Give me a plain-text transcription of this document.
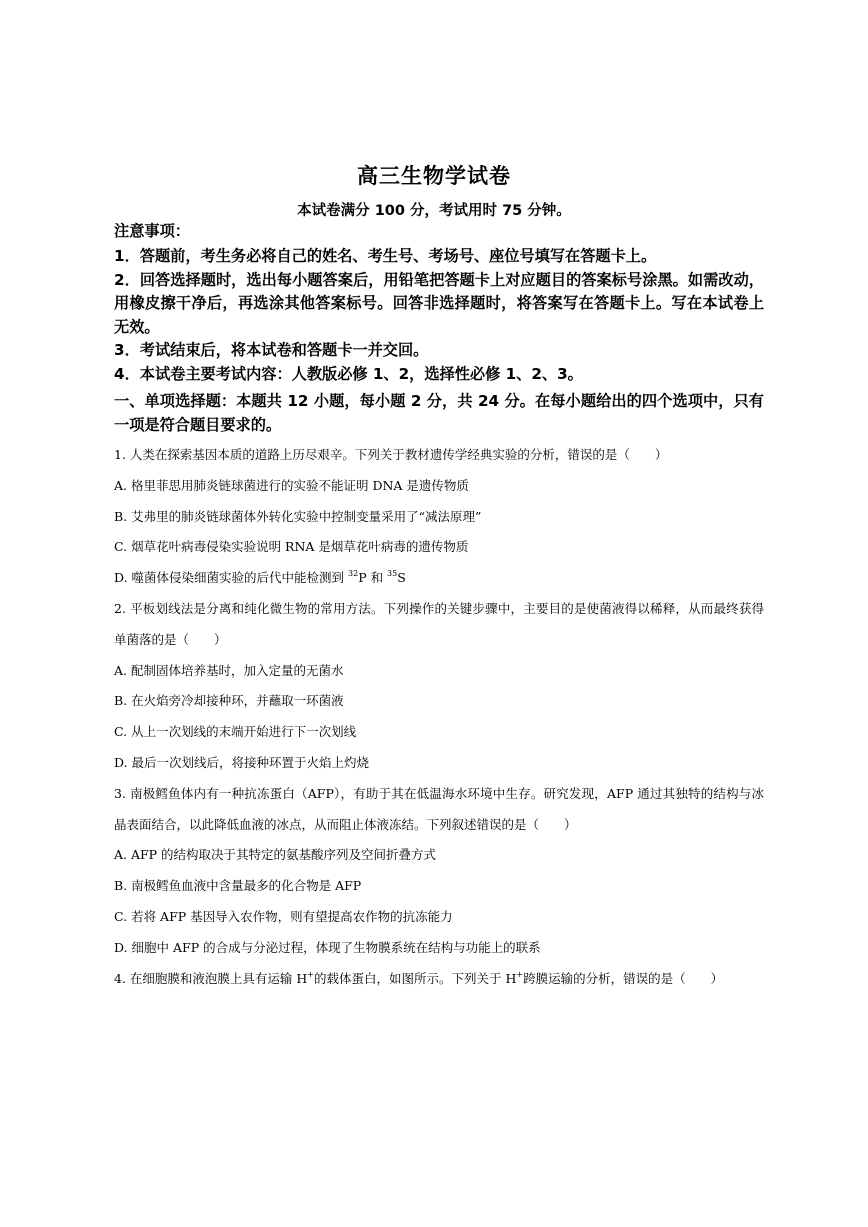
高三生物学试卷
本试卷满分 100 分，考试用时 75 分钟。
注意事项：

1．答题前，考生务必将自己的姓名、考生号、考场号、座位号填写在答题卡上。

2．回答选择题时，选出每小题答案后，用铅笔把答题卡上对应题目的答案标号涂黑。如需改动，用橡皮擦干净后，再选涂其他答案标号。回答非选择题时，将答案写在答题卡上。写在本试卷上无效。

3．考试结束后，将本试卷和答题卡一并交回。

4．本试卷主要考试内容：人教版必修 1、2，选择性必修 1、2、3。

一、单项选择题：本题共 12 小题，每小题 2 分，共 24 分。在每小题给出的四个选项中，只有一项是符合题目要求的。

1. 人类在探索基因本质的道路上历尽艰辛。下列关于教材遗传学经典实验的分析，错误的是（　　）

A. 格里菲思用肺炎链球菌进行的实验不能证明 DNA 是遗传物质

B. 艾弗里的肺炎链球菌体外转化实验中控制变量采用了“减法原理”

C. 烟草花叶病毒侵染实验说明 RNA 是烟草花叶病毒的遗传物质

D. 噬菌体侵染细菌实验的后代中能检测到 $^{32}$P 和 $^{35}$S

2. 平板划线法是分离和纯化微生物的常用方法。下列操作的关键步骤中，主要目的是使菌液得以稀释，从而最终获得单菌落的是（　　）

A. 配制固体培养基时，加入定量的无菌水

B. 在火焰旁冷却接种环，并蘸取一环菌液

C. 从上一次划线的末端开始进行下一次划线

D. 最后一次划线后，将接种环置于火焰上灼烧

3. 南极鳕鱼体内有一种抗冻蛋白（AFP），有助于其在低温海水环境中生存。研究发现，AFP 通过其独特的结构与冰晶表面结合，以此降低血液的冰点，从而阻止体液冻结。下列叙述错误的是（　　）

A. AFP 的结构取决于其特定的氨基酸序列及空间折叠方式

B. 南极鳕鱼血液中含量最多的化合物是 AFP

C. 若将 AFP 基因导入农作物，则有望提高农作物的抗冻能力

D. 细胞中 AFP 的合成与分泌过程，体现了生物膜系统在结构与功能上的联系

4. 在细胞膜和液泡膜上具有运输 H+的载体蛋白，如图所示。下列关于 H+跨膜运输的分析，错误的是（　　）
